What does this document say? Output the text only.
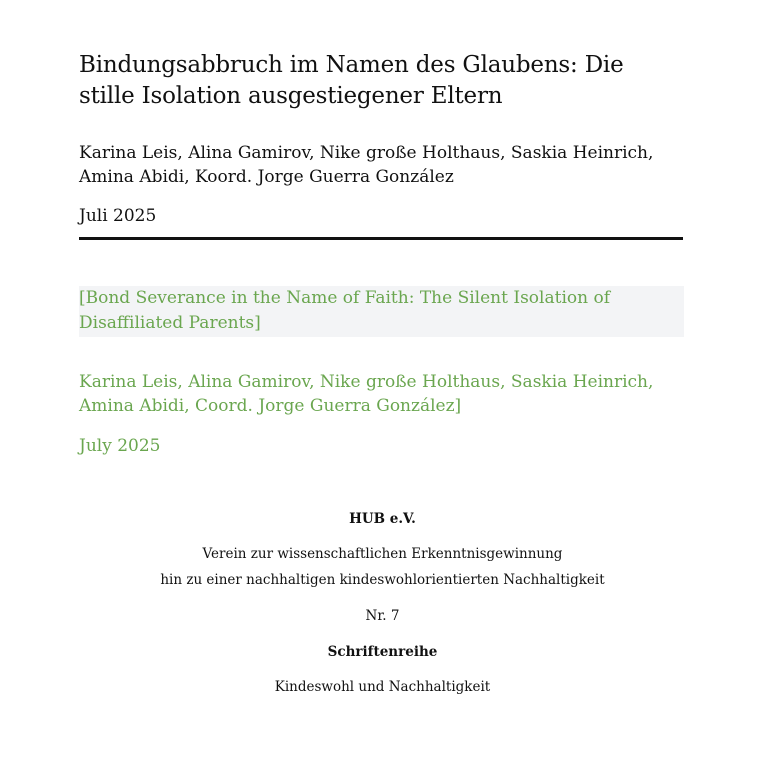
Bindungsabbruch im Namen des Glaubens: Die stille Isolation ausgestiegener Eltern

Karina Leis, Alina Gamirov, Nike große Holthaus, Saskia Heinrich, Amina Abidi, Koord. Jorge Guerra González

Juli 2025

[Bond Severance in the Name of Faith: The Silent Isolation of Disaffiliated Parents]

Karina Leis, Alina Gamirov, Nike große Holthaus, Saskia Heinrich, Amina Abidi, Coord. Jorge Guerra González]

July 2025

HUB e.V.

Verein zur wissenschaftlichen Erkenntnisgewinnung

hin zu einer nachhaltigen kindeswohlorientierten Nachhaltigkeit

Nr. 7

Schriftenreihe

Kindeswohl und Nachhaltigkeit
